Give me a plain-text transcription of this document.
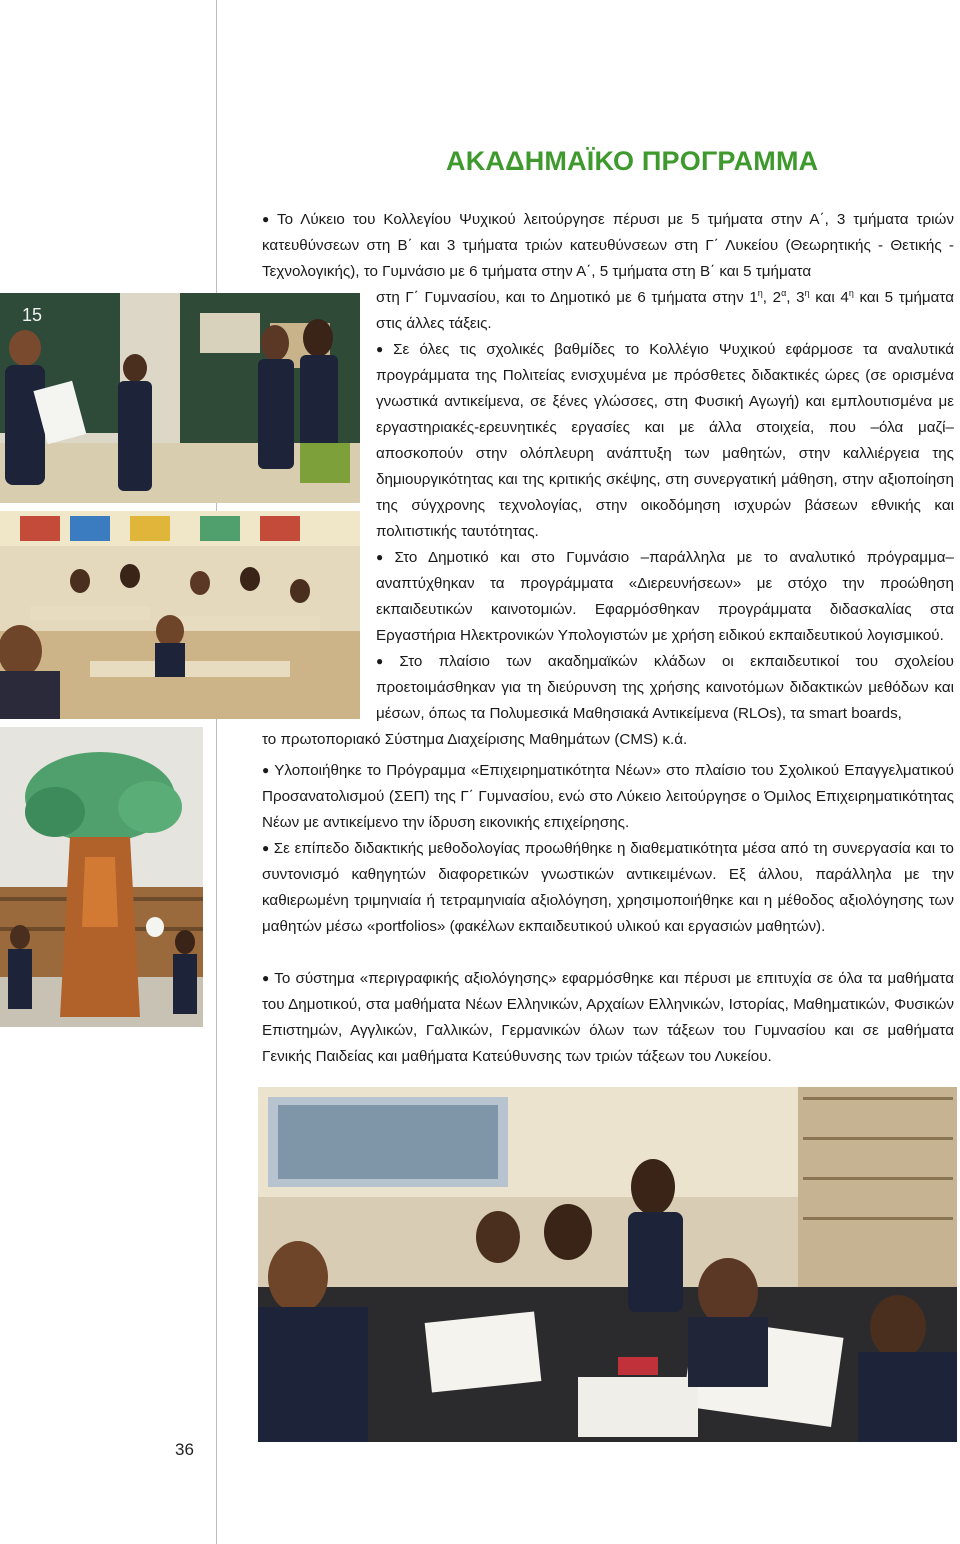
ΑΚΑΔΗΜΑΪΚΟ ΠΡΟΓΡΑΜΜΑ

● Το Λύκειο του Κολλεγίου Ψυχικού λειτούργησε πέρυσι με 5 τμήματα στην Α΄, 3 τμήματα τριών κατευθύνσεων στη Β΄ και 3 τμήματα τριών κατευθύνσεων στη Γ΄ Λυκείου (Θεωρητικής - Θετικής - Τεχνολογικής), το Γυμνάσιο με 6 τμήματα στην Α΄, 5 τμήματα στη Β΄ και 5 τμήματα

στη Γ΄ Γυμνασίου, και το Δημοτικό με 6 τμήματα στην $1^\eta$, $2^\alpha$, $3^\eta$ και $4^\eta$ και 5 τμήματα στις άλλες τάξεις.

● Σε όλες τις σχολικές βαθμίδες το Κολλέγιο Ψυχικού εφάρμοσε τα αναλυτικά προγράμματα της Πολιτείας ενισχυμένα με πρόσθετες διδακτικές ώρες (σε ορισμένα γνωστικά αντικείμενα, σε ξένες γλώσσες, στη Φυσική Αγωγή) και εμπλουτισμένα με εργαστηριακές-ερευνητικές εργασίες και με άλλα στοιχεία, που –όλα μαζί– αποσκοπούν στην ολόπλευρη ανάπτυξη των μαθητών, στην καλλιέργεια της δημιουργικότητας και της κριτικής σκέψης, στη συνεργατική μάθηση, στην αξιοποίηση της σύγχρονης τεχνολογίας, στην οικοδόμηση ισχυρών βάσεων εθνικής και πολιτιστικής ταυτότητας.

● Στο Δημοτικό και στο Γυμνάσιο –παράλληλα με το αναλυτικό πρόγραμμα– αναπτύχθηκαν τα προγράμματα «Διερευνήσεων» με στόχο την προώθηση εκπαιδευτικών καινοτομιών. Εφαρμόσθηκαν προγράμματα διδασκαλίας στα Εργαστήρια Ηλεκτρονικών Υπολογιστών με χρήση ειδικού εκπαιδευτικού λογισμικού.

● Στο πλαίσιο των ακαδημαϊκών κλάδων οι εκπαιδευτικοί του σχολείου προετοιμάσθηκαν για τη διεύρυνση της χρήσης καινοτόμων διδακτικών μεθόδων και μέσων, όπως τα Πολυμεσικά Μαθησιακά Αντικείμενα (RLOs), τα smart boards,

το πρωτοποριακό Σύστημα Διαχείρισης Μαθημάτων (CMS) κ.ά.

● Υλοποιήθηκε το Πρόγραμμα «Επιχειρηματικότητα Νέων» στο πλαίσιο του Σχολικού Επαγγελματικού Προσανατολισμού (ΣΕΠ) της Γ΄ Γυμνασίου, ενώ στο Λύκειο λειτούργησε ο Όμιλος Επιχειρηματικότητας Νέων με αντικείμενο την ίδρυση εικονικής επιχείρησης.

● Σε επίπεδο διδακτικής μεθοδολογίας προωθήθηκε η διαθεματικότητα μέσα από τη συνεργασία και το συντονισμό καθηγητών διαφορετικών γνωστικών αντικειμένων. Εξ άλλου, παράλληλα με την καθιερωμένη τριμηνιαία ή τετραμηνιαία αξιολόγηση, χρησιμοποιήθηκε και η μέθοδος αξιολόγησης των μαθητών μέσω «portfolios» (φακέλων εκπαιδευτικού υλικού και εργασιών μαθητών).

● Το σύστημα «περιγραφικής αξιολόγησης» εφαρμόσθηκε και πέρυσι με επιτυχία σε όλα τα μαθήματα του Δημοτικού, στα μαθήματα Νέων Ελληνικών, Αρχαίων Ελληνικών, Ιστορίας, Μαθηματικών, Φυσικών Επιστημών, Αγγλικών, Γαλλικών, Γερμανικών όλων των τάξεων του Γυμνασίου και σε μαθήματα Γενικής Παιδείας και μαθήματα Κατεύθυνσης των τριών τάξεων του Λυκείου.

15
36
